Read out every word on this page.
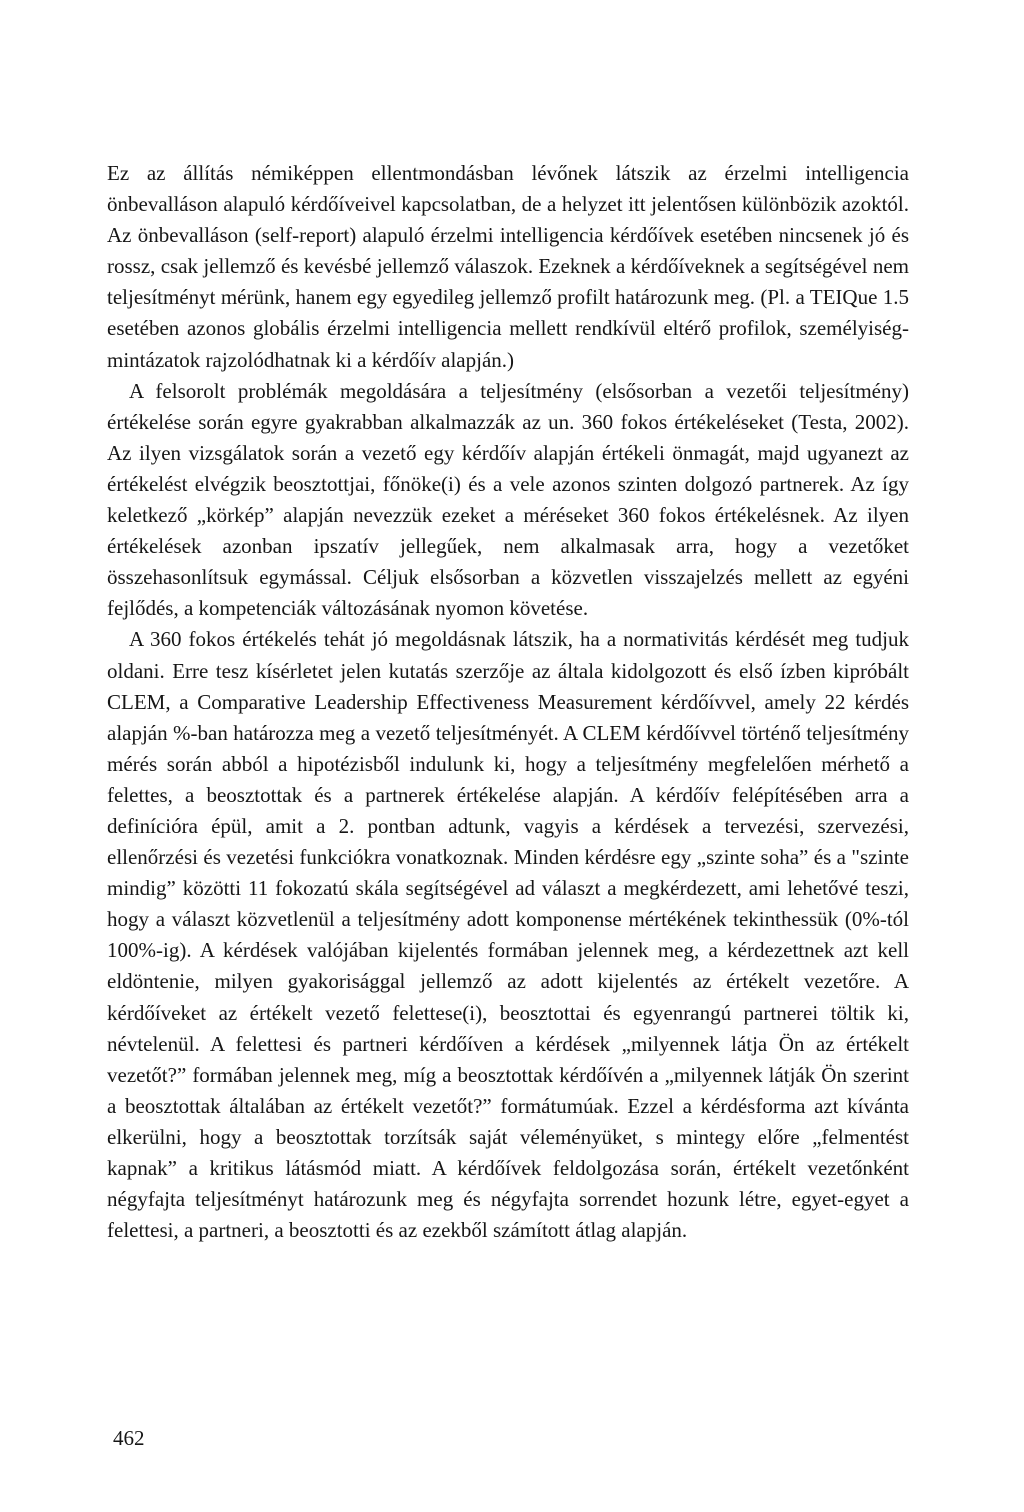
Ez az állítás némiképpen ellentmondásban lévőnek látszik az érzelmi intelligencia önbevalláson alapuló kérdőíveivel kapcsolatban, de a helyzet itt jelentősen különbözik azoktól. Az önbevalláson (self-report) alapuló érzelmi intelligencia kérdőívek esetében nincsenek jó és rossz, csak jellemző és kevésbé jellemző válaszok. Ezeknek a kérdőíveknek a segítségével nem teljesítményt mérünk, hanem egy egyedileg jellemző profilt határozunk meg. (Pl. a TEIQue 1.5 esetében azonos globális érzelmi intelligencia mellett rendkívül eltérő profilok, személyiség-mintázatok rajzolódhatnak ki a kérdőív alapján.)

A felsorolt problémák megoldására a teljesítmény (elsősorban a vezetői teljesítmény) értékelése során egyre gyakrabban alkalmazzák az un. 360 fokos értékeléseket (Testa, 2002). Az ilyen vizsgálatok során a vezető egy kérdőív alapján értékeli önmagát, majd ugyanezt az értékelést elvégzik beosztottjai, főnöke(i) és a vele azonos szinten dolgozó partnerek. Az így keletkező „körkép” alapján nevezzük ezeket a méréseket 360 fokos értékelésnek. Az ilyen értékelések azonban ipszatív jellegűek, nem alkalmasak arra, hogy a vezetőket összehasonlítsuk egymással. Céljuk elsősorban a közvetlen visszajelzés mellett az egyéni fejlődés, a kompetenciák változásának nyomon követése.

A 360 fokos értékelés tehát jó megoldásnak látszik, ha a normativitás kérdését meg tudjuk oldani. Erre tesz kísérletet jelen kutatás szerzője az általa kidolgozott és első ízben kipróbált CLEM, a Comparative Leadership Effectiveness Measurement kérdőívvel, amely 22 kérdés alapján %-ban határozza meg a vezető teljesítményét. A CLEM kérdőívvel történő teljesítmény mérés során abból a hipotézisből indulunk ki, hogy a teljesítmény megfelelően mérhető a felettes, a beosztottak és a partnerek értékelése alapján. A kérdőív felépítésében arra a definícióra épül, amit a 2. pontban adtunk, vagyis a kérdések a tervezési, szervezési, ellenőrzési és vezetési funkciókra vonatkoznak. Minden kérdésre egy „szinte soha” és a "szinte mindig” közötti 11 fokozatú skála segítségével ad választ a megkérdezett, ami lehetővé teszi, hogy a választ közvetlenül a teljesítmény adott komponense mértékének tekinthessük (0%-tól 100%-ig). A kérdések valójában kijelentés formában jelennek meg, a kérdezettnek azt kell eldöntenie, milyen gyakorisággal jellemző az adott kijelentés az értékelt vezetőre. A kérdőíveket az értékelt vezető felettese(i), beosztottai és egyenrangú partnerei töltik ki, névtelenül. A felettesi és partneri kérdőíven a kérdések „milyennek látja Ön az értékelt vezetőt?” formában jelennek meg, míg a beosztottak kérdőívén a „milyennek látják Ön szerint a beosztottak általában az értékelt vezetőt?” formátumúak. Ezzel a kérdésforma azt kívánta elkerülni, hogy a beosztottak torzítsák saját véleményüket, s mintegy előre „felmentést kapnak” a kritikus látásmód miatt. A kérdőívek feldolgozása során, értékelt vezetőnként négyfajta teljesítményt határozunk meg és négyfajta sorrendet hozunk létre, egyet-egyet a felettesi, a partneri, a beosztotti és az ezekből számított átlag alapján.

462
